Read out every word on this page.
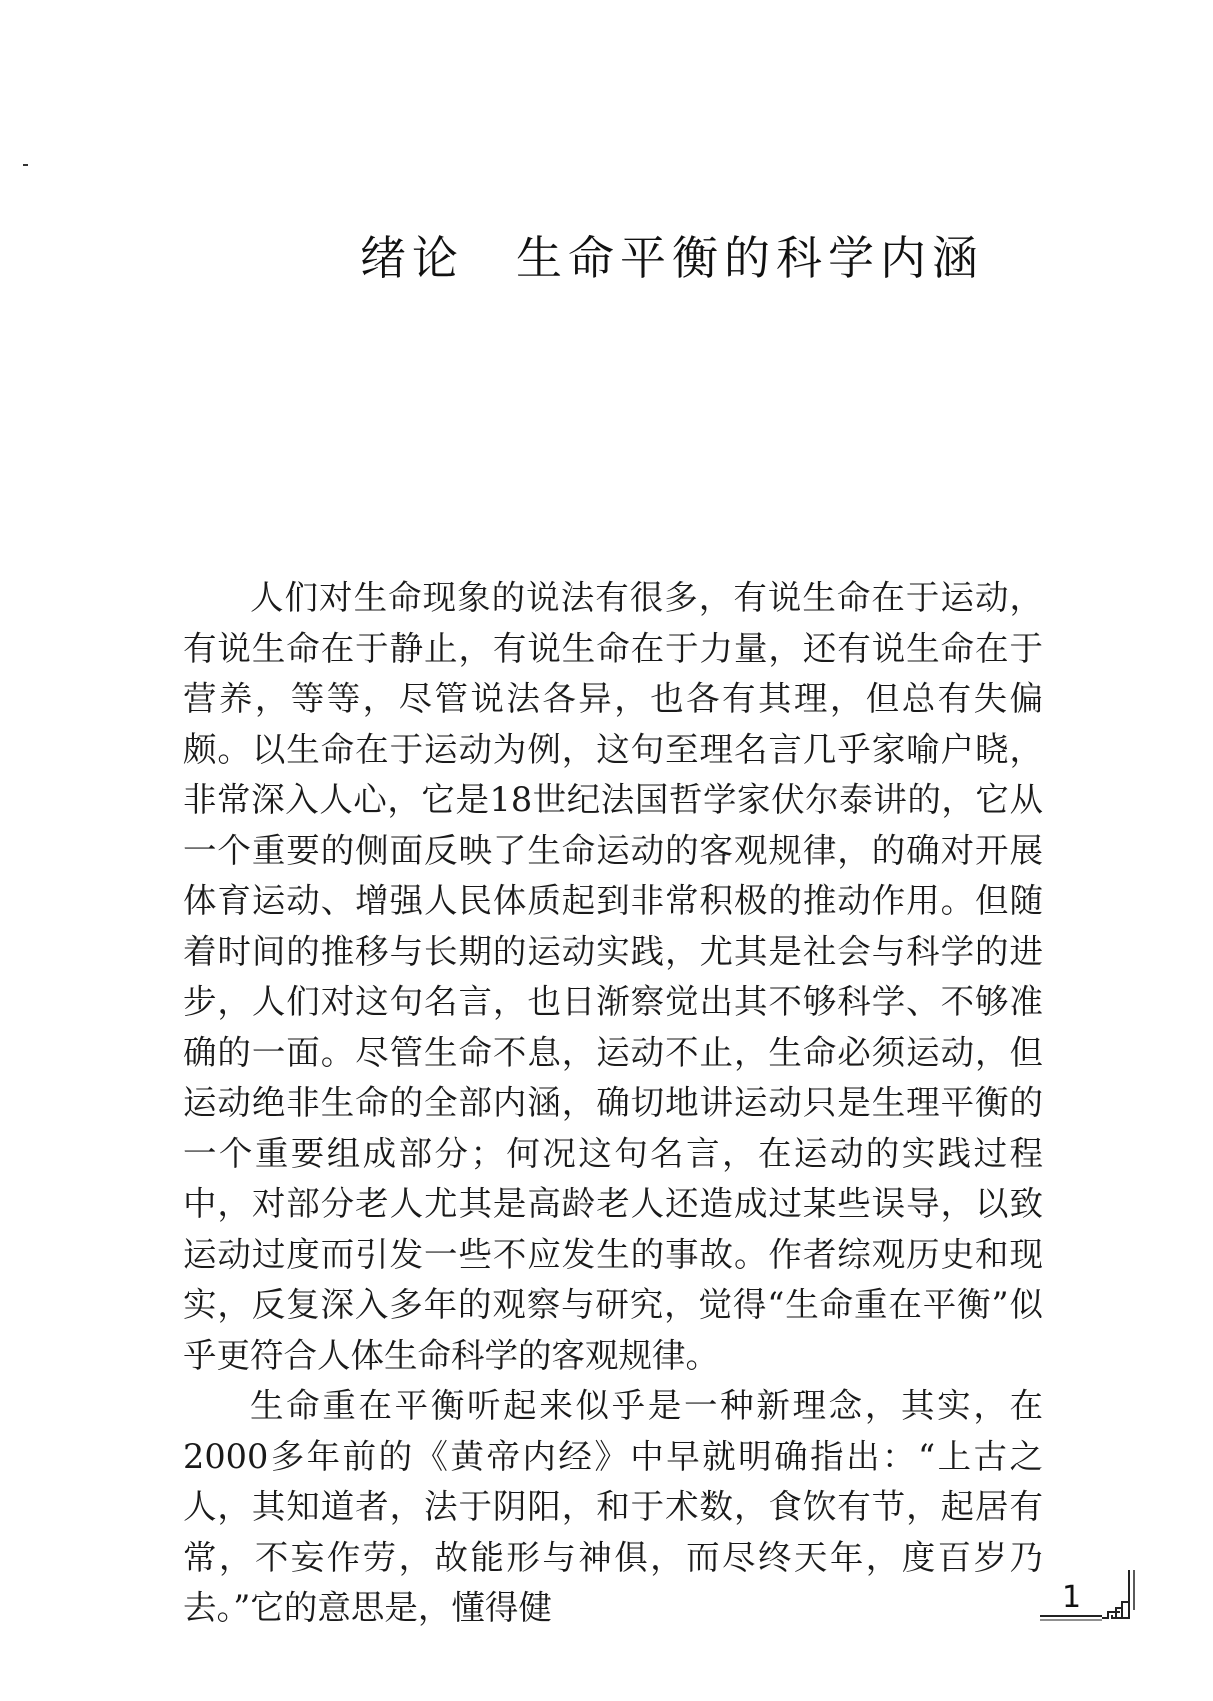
绪论 生命平衡的科学内涵

人们对生命现象的说法有很多，有说生命在于运动，有说生命在于静止，有说生命在于力量，还有说生命在于营养，等等，尽管说法各异，也各有其理，但总有失偏颇。以生命在于运动为例，这句至理名言几乎家喻户晓，非常深入人心，它是18世纪法国哲学家伏尔泰讲的，它从一个重要的侧面反映了生命运动的客观规律，的确对开展体育运动、增强人民体质起到非常积极的推动作用。但随着时间的推移与长期的运动实践，尤其是社会与科学的进步，人们对这句名言，也日渐察觉出其不够科学、不够准确的一面。尽管生命不息，运动不止，生命必须运动，但运动绝非生命的全部内涵，确切地讲运动只是生理平衡的一个重要组成部分；何况这句名言，在运动的实践过程中，对部分老人尤其是高龄老人还造成过某些误导，以致运动过度而引发一些不应发生的事故。作者综观历史和现实，反复深入多年的观察与研究，觉得“生命重在平衡”似乎更符合人体生命科学的客观规律。

生命重在平衡听起来似乎是一种新理念，其实，在2000多年前的《黄帝内经》中早就明确指出：“上古之人，其知道者，法于阴阳，和于术数，食饮有节，起居有常，不妄作劳，故能形与神俱，而尽终天年，度百岁乃去。”它的意思是，懂得健	1
